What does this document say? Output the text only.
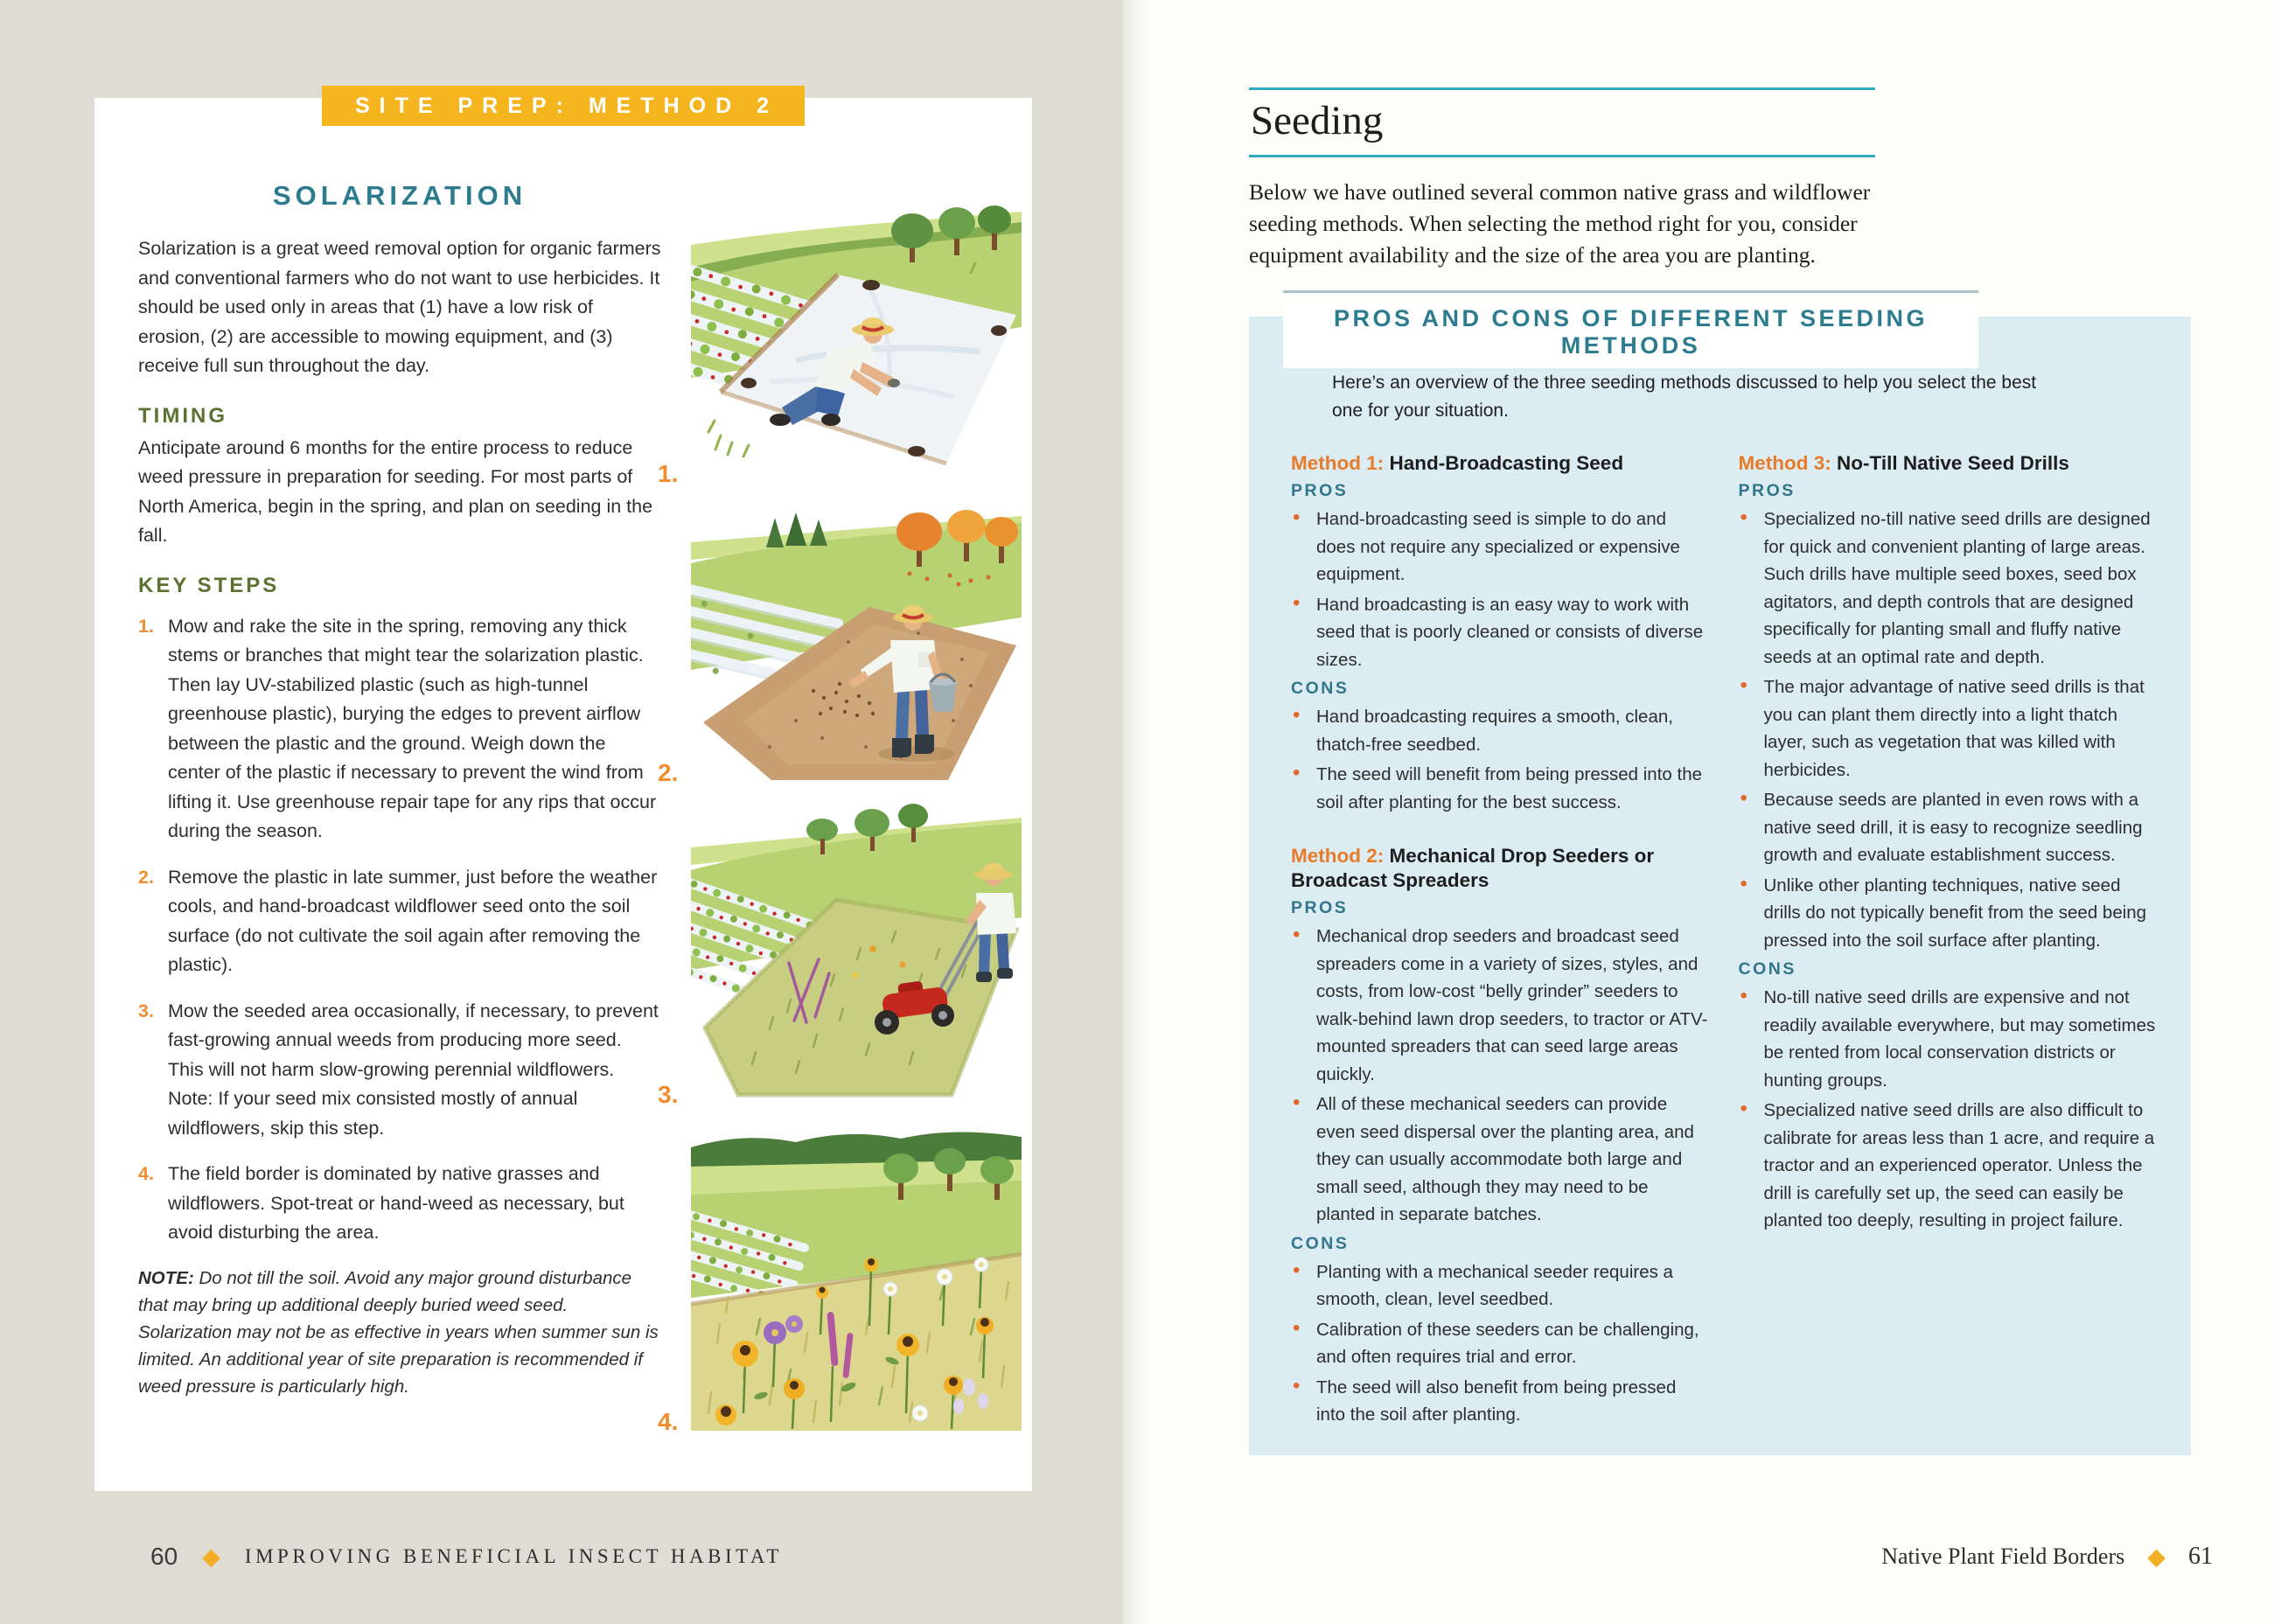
SITE PREP: METHOD 2
SOLARIZATION

Solarization is a great weed removal option for organic farmers and conventional farmers who do not want to use herbicides. It should be used only in areas that (1) have a low risk of erosion, (2) are accessible to mowing equipment, and (3) receive full sun throughout the day.

TIMING

Anticipate around 6 months for the entire process to reduce weed pressure in preparation for seeding. For most parts of North America, begin in the spring, and plan on seeding in the fall.

KEY STEPS
1. Mow and rake the site in the spring, removing any thick stems or branches that might tear the solarization plastic. Then lay UV-stabilized plastic (such as high-tunnel greenhouse plastic), burying the edges to prevent airflow between the plastic and the ground. Weigh down the center of the plastic if necessary to prevent the wind from lifting it. Use greenhouse repair tape for any rips that occur during the season.
2. Remove the plastic in late summer, just before the weather cools, and hand-broadcast wildflower seed onto the soil surface (do not cultivate the soil again after removing the plastic).
3. Mow the seeded area occasionally, if necessary, to prevent fast-growing annual weeds from producing more seed. This will not harm slow-growing perennial wildflowers. Note: If your seed mix consisted mostly of annual wildflowers, skip this step.
4. The field border is dominated by native grasses and wildflowers. Spot-treat or hand-weed as necessary, but avoid disturbing the area.

NOTE: Do not till the soil. Avoid any major ground disturbance that may bring up additional deeply buried weed seed. Solarization may not be as effective in years when summer sun is limited. An additional year of site preparation is recommended if weed pressure is particularly high.

1.
2.
3.
4.
60 ◆ IMPROVING BENEFICIAL INSECT HABITAT
Seeding

Below we have outlined several common native grass and wildflower seeding methods. When selecting the method right for you, consider equipment availability and the size of the area you are planting.

PROS AND CONS OF DIFFERENT SEEDING METHODS

Here’s an overview of the three seeding methods discussed to help you select the best one for your situation.

Method 1: Hand-Broadcasting Seed
PROS
• Hand-broadcasting seed is simple to do and does not require any specialized or expensive equipment.
• Hand broadcasting is an easy way to work with seed that is poorly cleaned or consists of diverse sizes.
CONS
• Hand broadcasting requires a smooth, clean, thatch-free seedbed.
• The seed will benefit from being pressed into the soil after planting for the best success.
Method 2: Mechanical Drop Seeders or Broadcast Spreaders
PROS
• Mechanical drop seeders and broadcast seed spreaders come in a variety of sizes, styles, and costs, from low-cost “belly grinder” seeders to walk-behind lawn drop seeders, to tractor or ATV-mounted spreaders that can seed large areas quickly.
• All of these mechanical seeders can provide even seed dispersal over the planting area, and they can usually accommodate both large and small seed, although they may need to be planted in separate batches.
CONS
• Planting with a mechanical seeder requires a smooth, clean, level seedbed.
• Calibration of these seeders can be challenging, and often requires trial and error.
• The seed will also benefit from being pressed into the soil after planting.
Method 3: No-Till Native Seed Drills
PROS
• Specialized no-till native seed drills are designed for quick and convenient planting of large areas. Such drills have multiple seed boxes, seed box agitators, and depth controls that are designed specifically for planting small and fluffy native seeds at an optimal rate and depth.
• The major advantage of native seed drills is that you can plant them directly into a light thatch layer, such as vegetation that was killed with herbicides.
• Because seeds are planted in even rows with a native seed drill, it is easy to recognize seedling growth and evaluate establishment success.
• Unlike other planting techniques, native seed drills do not typically benefit from the seed being pressed into the soil surface after planting.
CONS
• No-till native seed drills are expensive and not readily available everywhere, but may sometimes be rented from local conservation districts or hunting groups.
• Specialized native seed drills are also difficult to calibrate for areas less than 1 acre, and require a tractor and an experienced operator. Unless the drill is carefully set up, the seed can easily be planted too deeply, resulting in project failure.
Native Plant Field Borders ◆ 61
